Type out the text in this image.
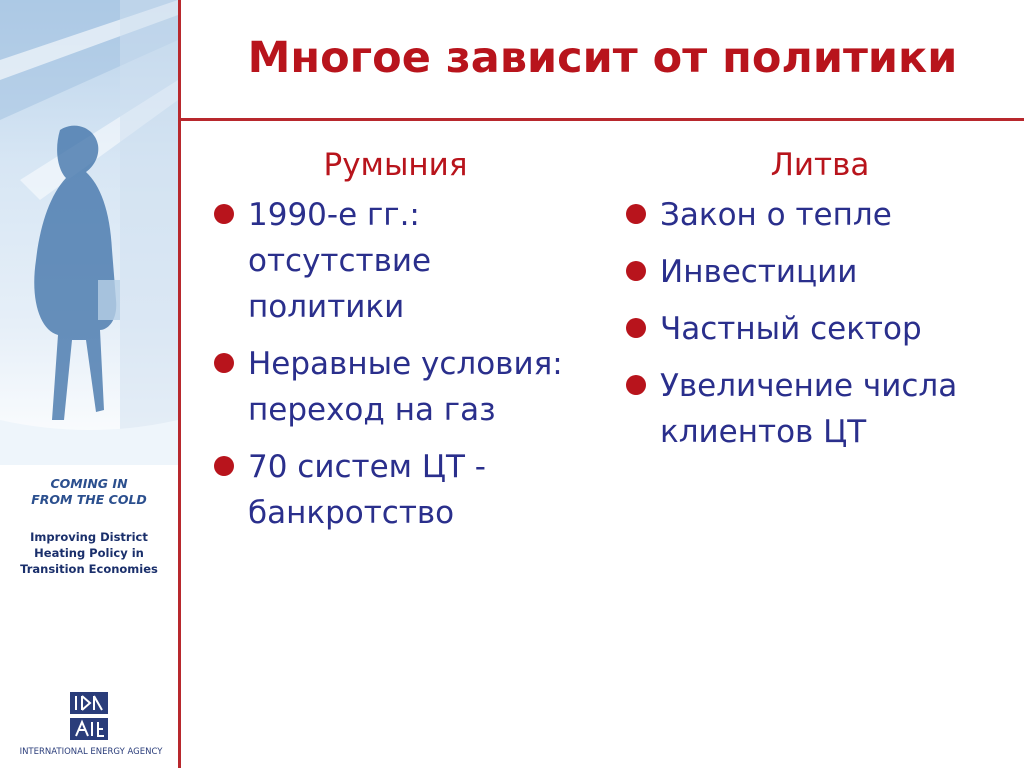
COMING IN
FROM THE COLD
Improving District
Heating Policy in
Transition Economies
INTERNATIONAL ENERGY AGENCY
Многое зависит от политики
Румыния
1990-е гг.: отсутствие политики
Неравные условия: переход на газ
70 систем ЦТ - банкротство
Литва
Закон о тепле
Инвестиции
Частный сектор
Увеличение числа клиентов ЦТ
